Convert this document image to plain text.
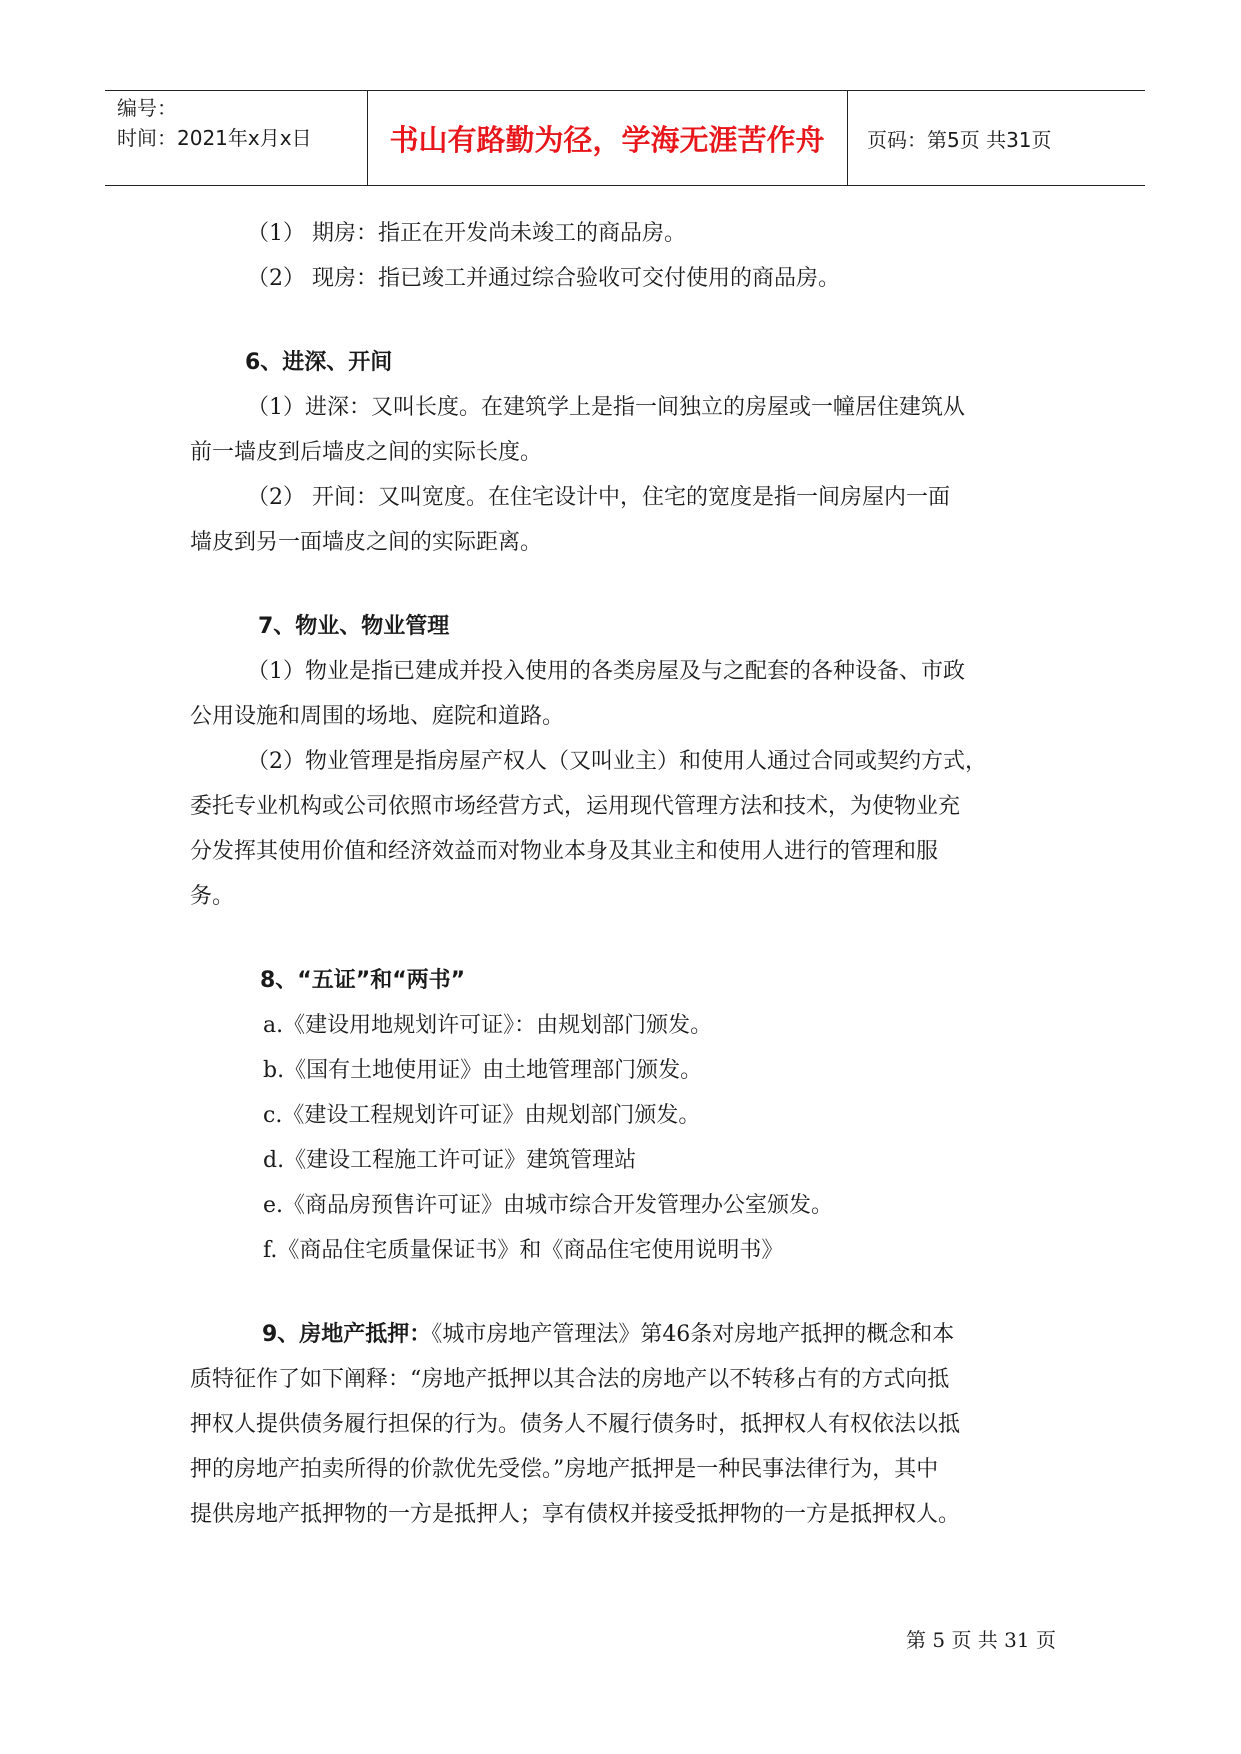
编号：
时间：2021年x月x日	书山有路勤为径，学海无涯苦作舟	页码：第5页 共31页

（1） 期房：指正在开发尚未竣工的商品房。

（2） 现房：指已竣工并通过综合验收可交付使用的商品房。

6、进深、开间

（1）进深：又叫长度。在建筑学上是指一间独立的房屋或一幢居住建筑从

前一墙皮到后墙皮之间的实际长度。

（2） 开间：又叫宽度。在住宅设计中，住宅的宽度是指一间房屋内一面

墙皮到另一面墙皮之间的实际距离。

7、物业、物业管理

（1）物业是指已建成并投入使用的各类房屋及与之配套的各种设备、市政

公用设施和周围的场地、庭院和道路。

（2）物业管理是指房屋产权人（又叫业主）和使用人通过合同或契约方式，

委托专业机构或公司依照市场经营方式，运用现代管理方法和技术，为使物业充

分发挥其使用价值和经济效益而对物业本身及其业主和使用人进行的管理和服

务。

8、“五证”和“两书”

a.《建设用地规划许可证》：由规划部门颁发。

b.《国有土地使用证》由土地管理部门颁发。

c.《建设工程规划许可证》由规划部门颁发。

d.《建设工程施工许可证》建筑管理站

e.《商品房预售许可证》由城市综合开发管理办公室颁发。

f.《商品住宅质量保证书》和《商品住宅使用说明书》

9、房地产抵押：《城市房地产管理法》第46条对房地产抵押的概念和本

质特征作了如下阐释：“房地产抵押以其合法的房地产以不转移占有的方式向抵

押权人提供债务履行担保的行为。债务人不履行债务时，抵押权人有权依法以抵

押的房地产拍卖所得的价款优先受偿。”房地产抵押是一种民事法律行为，其中

提供房地产抵押物的一方是抵押人；享有债权并接受抵押物的一方是抵押权人。

第 5 页 共 31 页
